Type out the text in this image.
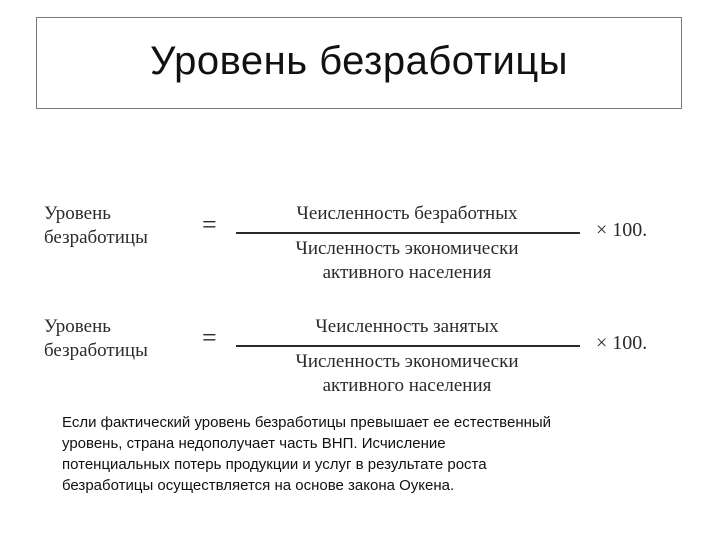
Уровень безработицы
Уровень
безработицы	=	Чеисленность безработных
Численность экономически
активного населения
× 100.
Уровень
безработицы	=	Чеисленность занятых
Численность экономически
активного населения
× 100.
Если фактический уровень безработицы превышает ее естественный
уровень, страна недополучает часть ВНП. Исчисление
потенциальных потерь продукции и услуг в результате роста
безработицы осуществляется на основе закона Оукена.
